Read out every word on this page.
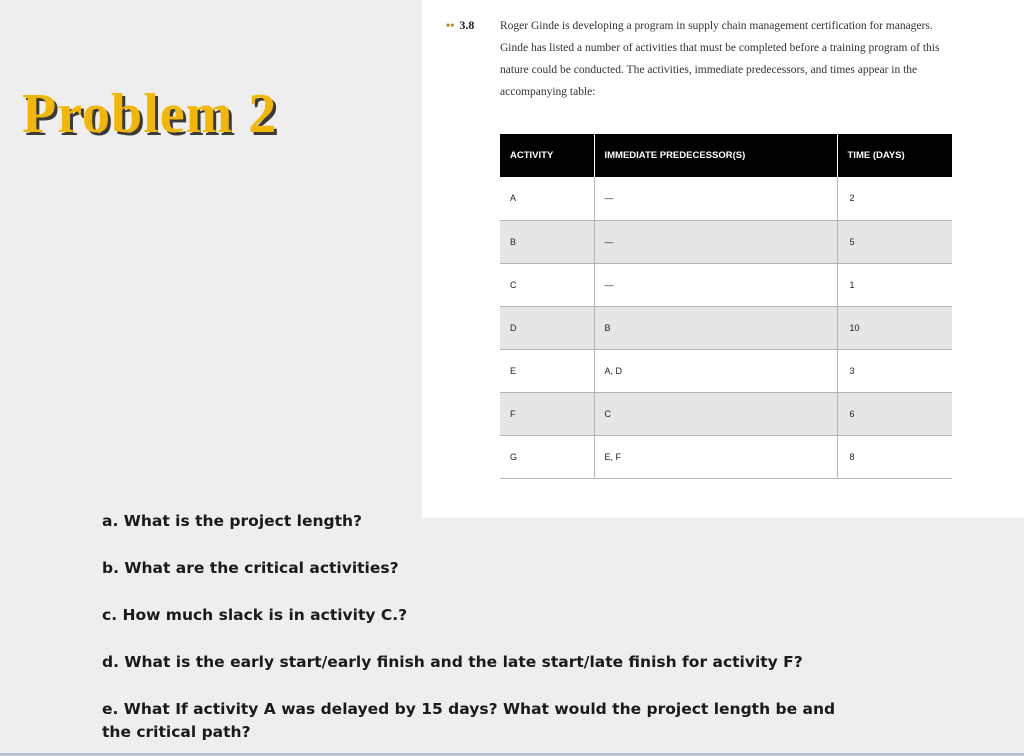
Problem 2
•• 3.8 Roger Ginde is developing a program in supply chain management certification for managers. Ginde has listed a number of activities that must be completed before a training program of this nature could be conducted. The activities, immediate predecessors, and times appear in the accompanying table:

ACTIVITY	IMMEDIATE PREDECESSOR(S)	TIME (DAYS)
A	—	2
B	—	5
C	—	1
D	B	10
E	A, D	3
F	C	6
G	E, F	8

a. What is the project length?

b. What are the critical activities?

c. How much slack is in activity C.?

d. What is the early start/early finish and the late start/late finish for activity F?

e. What If activity A was delayed by 15 days? What would the project length be and the critical path?
